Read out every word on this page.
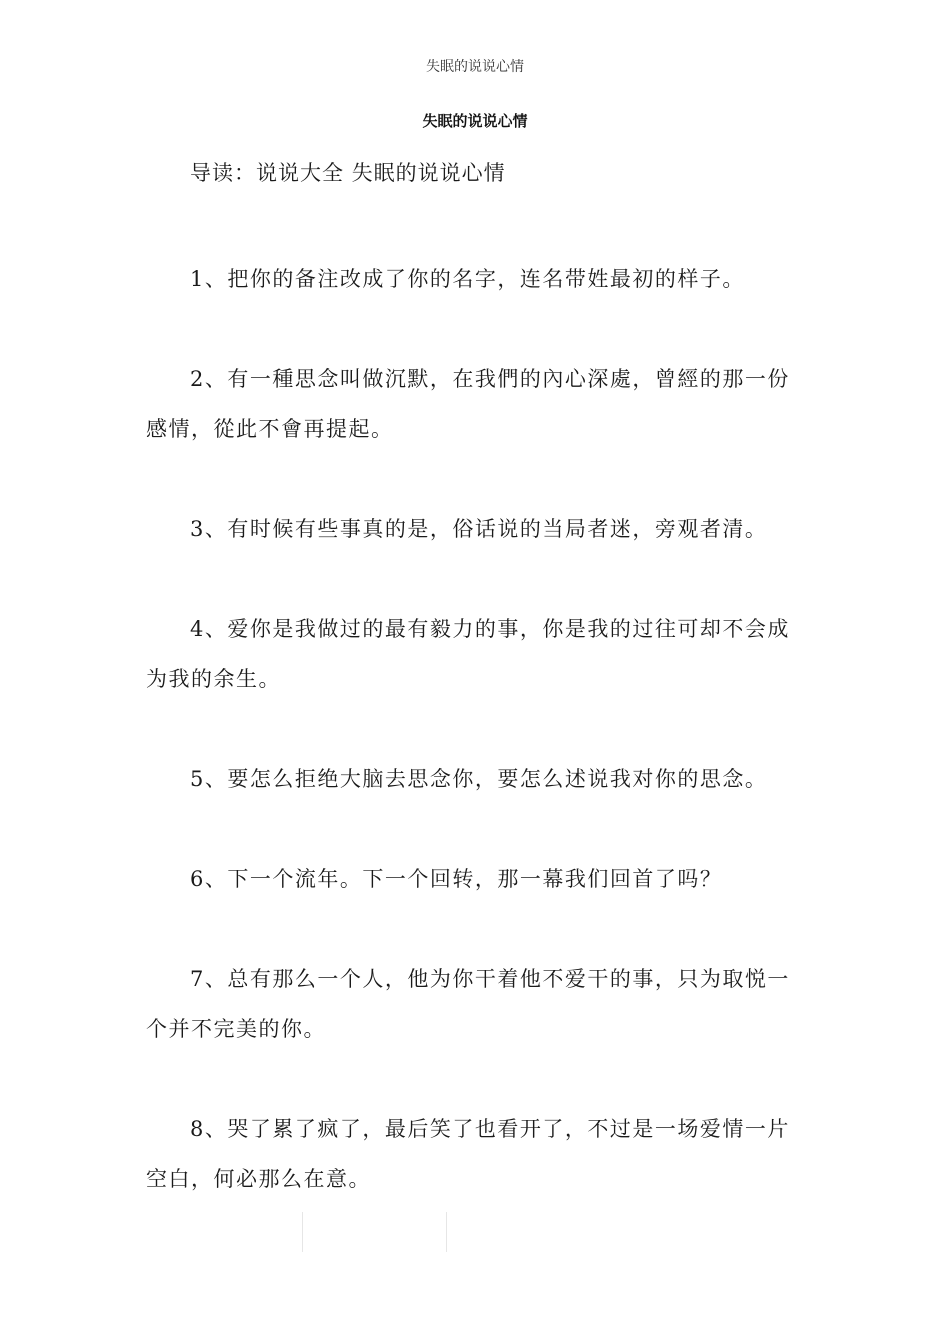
失眠的说说心情
失眠的说说心情
导读：说说大全 失眠的说说心情

1、把你的备注改成了你的名字，连名带姓最初的样子。

2、有一種思念叫做沉默，在我們的內心深處，曾經的那一份感情，從此不會再提起。

3、有时候有些事真的是，俗话说的当局者迷，旁观者清。

4、爱你是我做过的最有毅力的事，你是我的过往可却不会成为我的余生。

5、要怎么拒绝大脑去思念你，要怎么述说我对你的思念。

6、下一个流年。下一个回转，那一幕我们回首了吗？

7、总有那么一个人，他为你干着他不爱干的事，只为取悦一个并不完美的你。

8、哭了累了疯了，最后笑了也看开了，不过是一场爱情一片空白，何必那么在意。
